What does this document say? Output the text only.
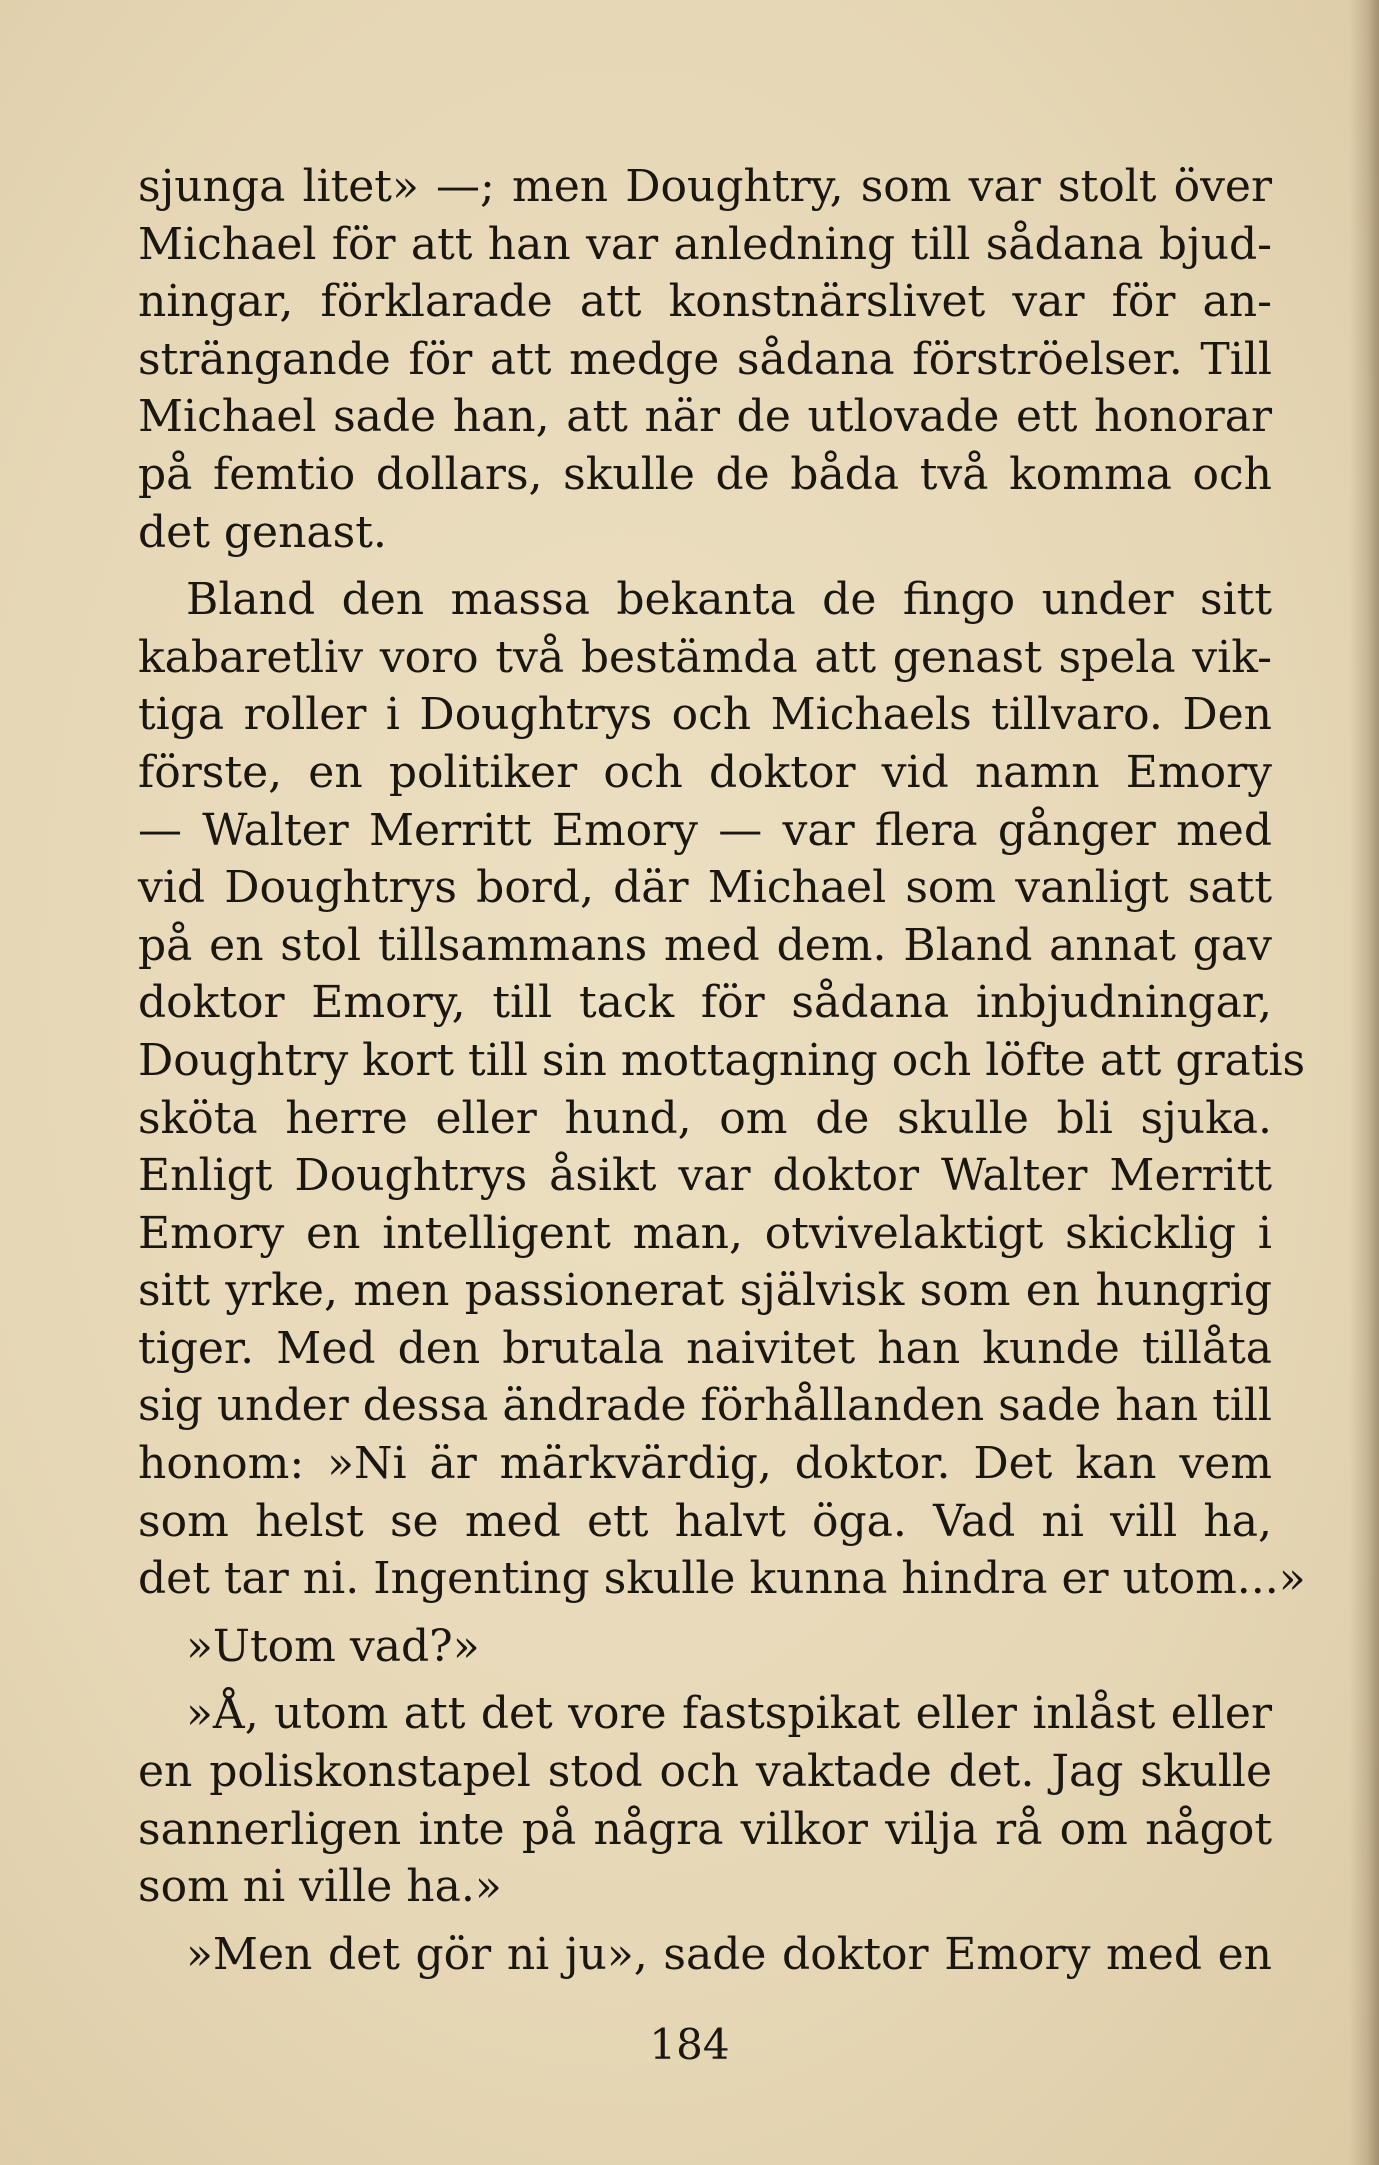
sjunga litet» —; men Doughtry, som var stolt över
Michael för att han var anledning till sådana bjud-
ningar, förklarade att konstnärslivet var för an-
strängande för att medge sådana förströelser. Till
Michael sade han, att när de utlovade ett honorar
på femtio dollars, skulle de båda två komma och
det genast.

Bland den massa bekanta de fingo under sitt
kabaretliv voro två bestämda att genast spela vik-
tiga roller i Doughtrys och Michaels tillvaro. Den
förste, en politiker och doktor vid namn Emory
— Walter Merritt Emory — var flera gånger med
vid Doughtrys bord, där Michael som vanligt satt
på en stol tillsammans med dem. Bland annat gav
doktor Emory, till tack för sådana inbjudningar,
Doughtry kort till sin mottagning och löfte att gratis
sköta herre eller hund, om de skulle bli sjuka.
Enligt Doughtrys åsikt var doktor Walter Merritt
Emory en intelligent man, otvivelaktigt skicklig i
sitt yrke, men passionerat självisk som en hungrig
tiger. Med den brutala naivitet han kunde tillåta
sig under dessa ändrade förhållanden sade han till
honom: »Ni är märkvärdig, doktor. Det kan vem
som helst se med ett halvt öga. Vad ni vill ha,
det tar ni. Ingenting skulle kunna hindra er utom...»

»Utom vad?»

»Å, utom att det vore fastspikat eller inlåst eller
en poliskonstapel stod och vaktade det. Jag skulle
sannerligen inte på några vilkor vilja rå om något
som ni ville ha.»

»Men det gör ni ju», sade doktor Emory med en

184
